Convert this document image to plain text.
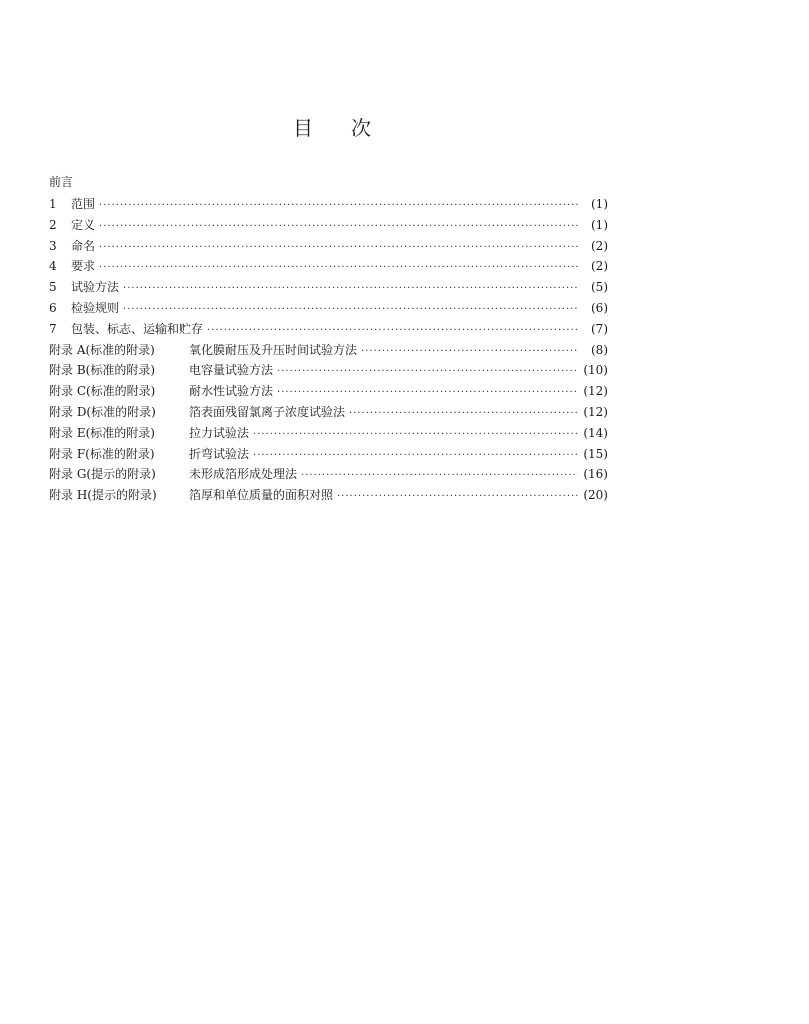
目次
前言
1	范围 ·····	(1)
2	定义 ·····	(1)
3	命名 ·····	(2)
4	要求 ·····	(2)
5	试验方法 ·····	(5)
6	检验规则 ·····	(6)
7	包装、标志、运输和贮存 ·····	(7)
附录 A(标准的附录)	氧化膜耐压及升压时间试验方法 ·····	(8)
附录 B(标准的附录)	电容量试验方法 ·····	(10)
附录 C(标准的附录)	耐水性试验方法 ·····	(12)
附录 D(标准的附录)	箔表面残留氯离子浓度试验法 ·····	(12)
附录 E(标准的附录)	拉力试验法 ·····	(14)
附录 F(标准的附录)	折弯试验法 ·····	(15)
附录 G(提示的附录)	未形成箔形成处理法 ·····	(16)
附录 H(提示的附录)	箔厚和单位质量的面积对照 ·····	(20)
